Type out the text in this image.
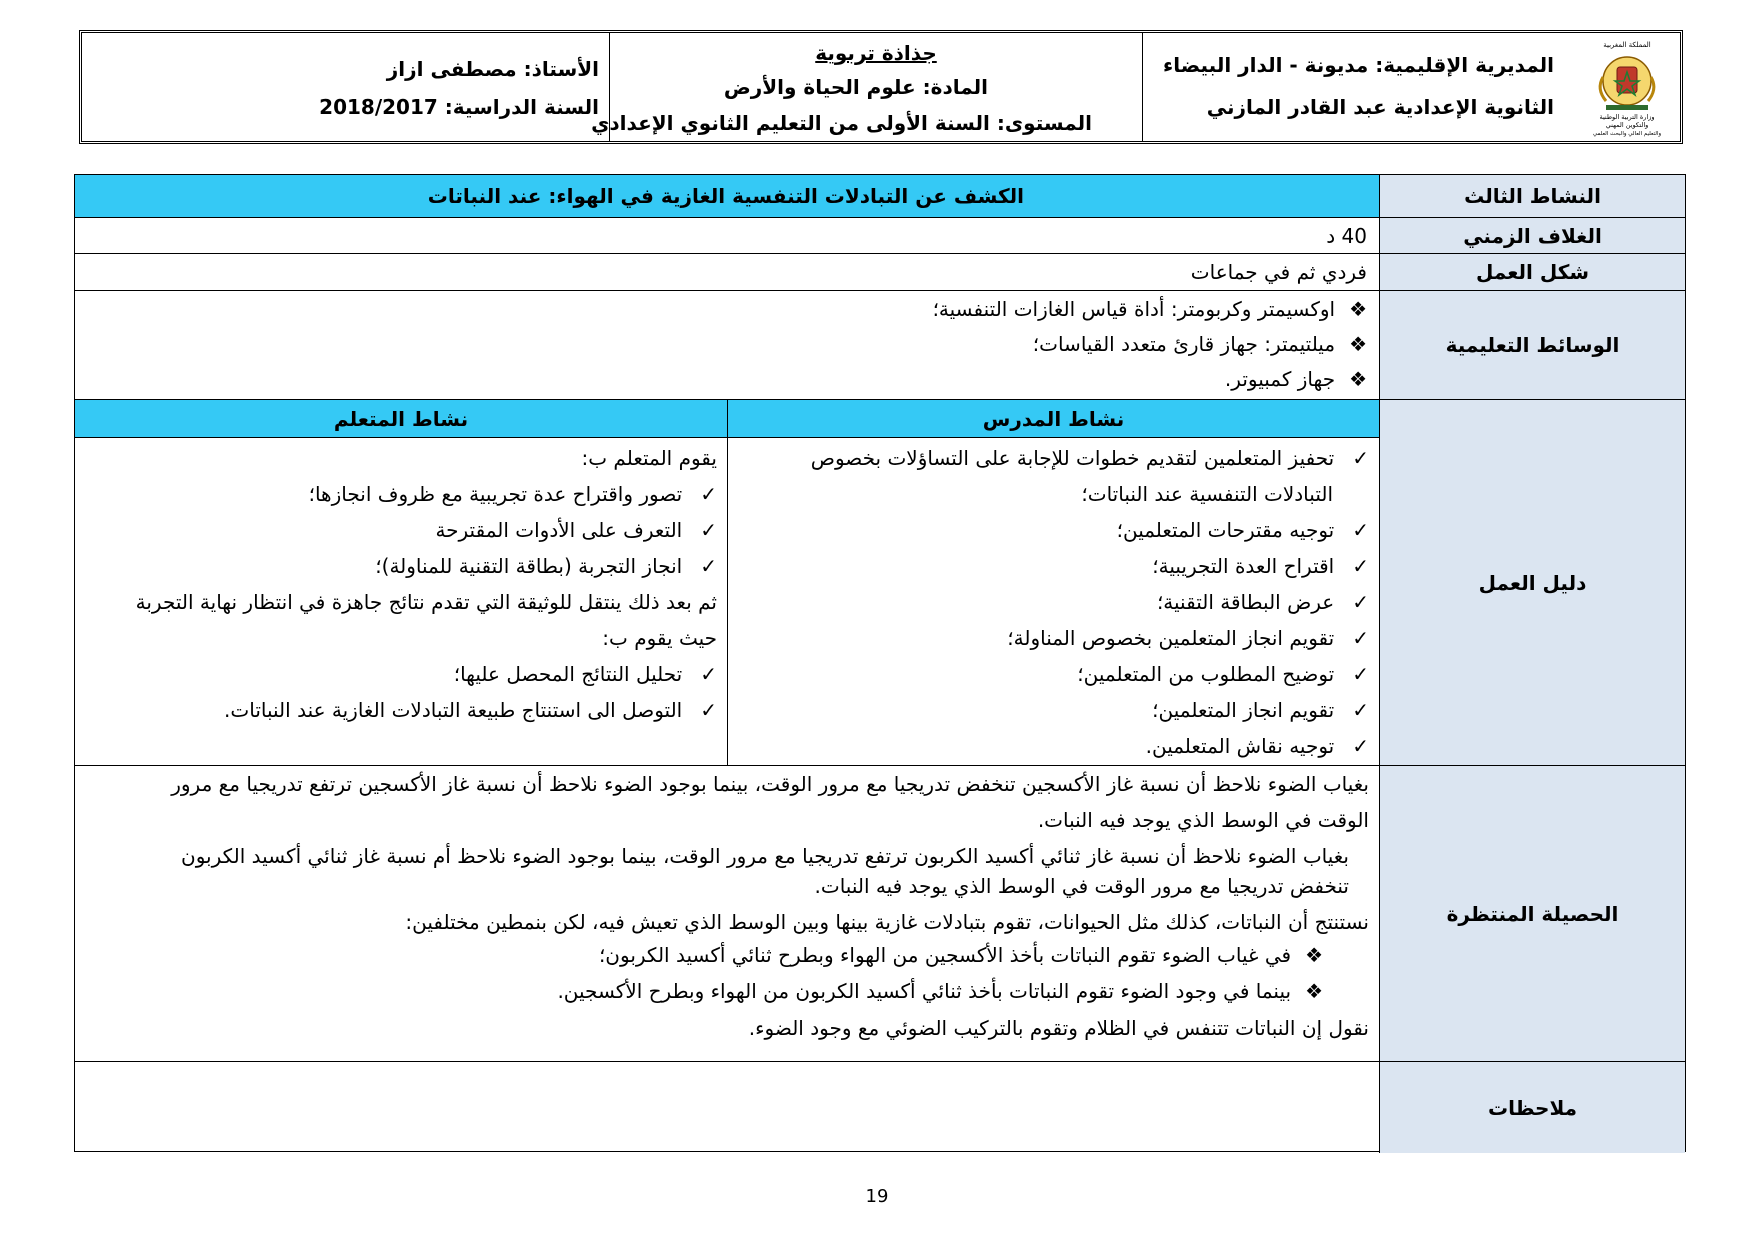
المملكة المغربية
وزارة التربية الوطنية
والتكوين المهني
والتعليم العالي والبحث العلمي
المديرية الإقليمية: مديونة - الدار البيضاء
الثانوية الإعدادية عبد القادر المازني
جذاذة تربوية
المادة: علوم الحياة والأرض
المستوى: السنة الأولى من التعليم الثانوي الإعدادي
الأستاذ: مصطفى ازاز
السنة الدراسية: 2018/2017
النشاط الثالث
الكشف عن التبادلات التنفسية الغازية في الهواء: عند النباتات
الغلاف الزمني
40 د
شكل العمل
فردي ثم في جماعات
الوسائط التعليمية
❖اوكسيمتر وكربومتر: أداة قياس الغازات التنفسية؛
❖ميلتيمتر: جهاز قارئ متعدد القياسات؛
❖جهاز كمبيوتر.
دليل العمل
نشاط المدرس
نشاط المتعلم
✓تحفيز المتعلمين لتقديم خطوات للإجابة على التساؤلات بخصوص
التبادلات التنفسية عند النباتات؛
✓توجيه مقترحات المتعلمين؛
✓اقتراح العدة التجريبية؛
✓عرض البطاقة التقنية؛
✓تقويم انجاز المتعلمين بخصوص المناولة؛
✓توضيح المطلوب من المتعلمين؛
✓تقويم انجاز المتعلمين؛
✓توجيه نقاش المتعلمين.
يقوم المتعلم ب:
✓تصور واقتراح عدة تجريبية مع ظروف انجازها؛
✓التعرف على الأدوات المقترحة
✓انجاز التجربة (بطاقة التقنية للمناولة)؛
ثم بعد ذلك ينتقل للوثيقة التي تقدم نتائج جاهزة في انتظار نهاية التجربة
حيث يقوم ب:
✓تحليل النتائج المحصل عليها؛
✓التوصل الى استنتاج طبيعة التبادلات الغازية عند النباتات.
الحصيلة المنتظرة
بغياب الضوء نلاحظ أن نسبة غاز الأكسجين تنخفض تدريجيا مع مرور الوقت، بينما بوجود الضوء نلاحظ أن نسبة غاز الأكسجين ترتفع تدريجيا مع مرور
الوقت في الوسط الذي يوجد فيه النبات.
بغياب الضوء نلاحظ أن نسبة غاز ثنائي أكسيد الكربون ترتفع تدريجيا مع مرور الوقت، بينما بوجود الضوء نلاحظ أم نسبة غاز ثنائي أكسيد الكربون
تنخفض تدريجيا مع مرور الوقت في الوسط الذي يوجد فيه النبات.
نستنتج أن النباتات، كذلك مثل الحيوانات، تقوم بتبادلات غازية بينها وبين الوسط الذي تعيش فيه، لكن بنمطين مختلفين:
❖في غياب الضوء تقوم النباتات بأخذ الأكسجين من الهواء وبطرح ثنائي أكسيد الكربون؛
❖بينما في وجود الضوء تقوم النباتات بأخذ ثنائي أكسيد الكربون من الهواء وبطرح الأكسجين.
نقول إن النباتات تتنفس في الظلام وتقوم بالتركيب الضوئي مع وجود الضوء.
ملاحظات
19
